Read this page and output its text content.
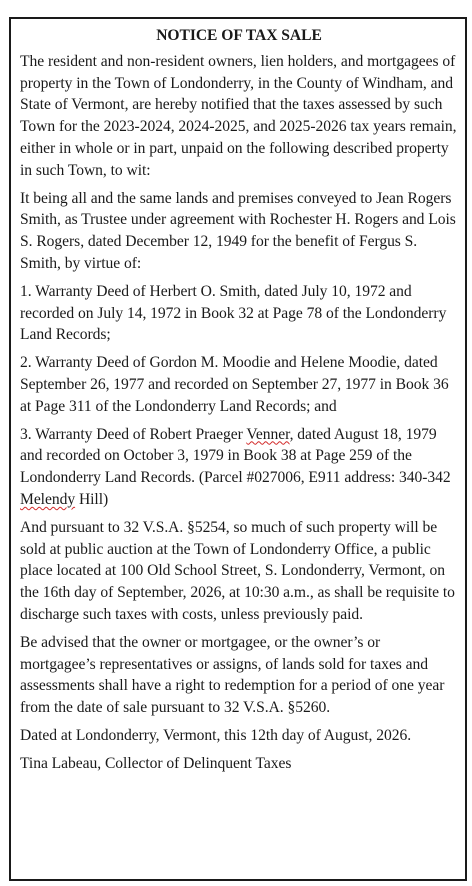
NOTICE OF TAX SALE
The resident and non-resident owners, lien holders, and mortgagees of property in the Town of Londonderry, in the County of Windham, and State of Vermont, are hereby notified that the taxes assessed by such Town for the 2023-2024, 2024-2025, and 2025-2026 tax years remain, either in whole or in part, unpaid on the following described property in such Town, to wit:
It being all and the same lands and premises conveyed to Jean Rogers Smith, as Trustee under agreement with Rochester H. Rogers and Lois S. Rogers, dated December 12, 1949 for the benefit of Fergus S. Smith, by virtue of:
1. Warranty Deed of Herbert O. Smith, dated July 10, 1972 and recorded on July 14, 1972 in Book 32 at Page 78 of the Londonderry Land Records;
2. Warranty Deed of Gordon M. Moodie and Helene Moodie, dated September 26, 1977 and recorded on September 27, 1977 in Book 36 at Page 311 of the Londonderry Land Records; and
3. Warranty Deed of Robert Praeger Venner, dated August 18, 1979 and recorded on October 3, 1979 in Book 38 at Page 259 of the Londonderry Land Records. (Parcel #027006, E911 address: 340-342 Melendy Hill)
And pursuant to 32 V.S.A. §5254, so much of such property will be sold at public auction at the Town of Londonderry Office, a public place located at 100 Old School Street, S. Londonderry, Vermont, on the 16th day of September, 2026, at 10:30 a.m., as shall be requisite to discharge such taxes with costs, unless previously paid.
Be advised that the owner or mortgagee, or the owner’s or mortgagee’s representatives or assigns, of lands sold for taxes and assessments shall have a right to redemption for a period of one year from the date of sale pursuant to 32 V.S.A. §5260.
Dated at Londonderry, Vermont, this 12th day of August, 2026.
Tina Labeau, Collector of Delinquent Taxes
